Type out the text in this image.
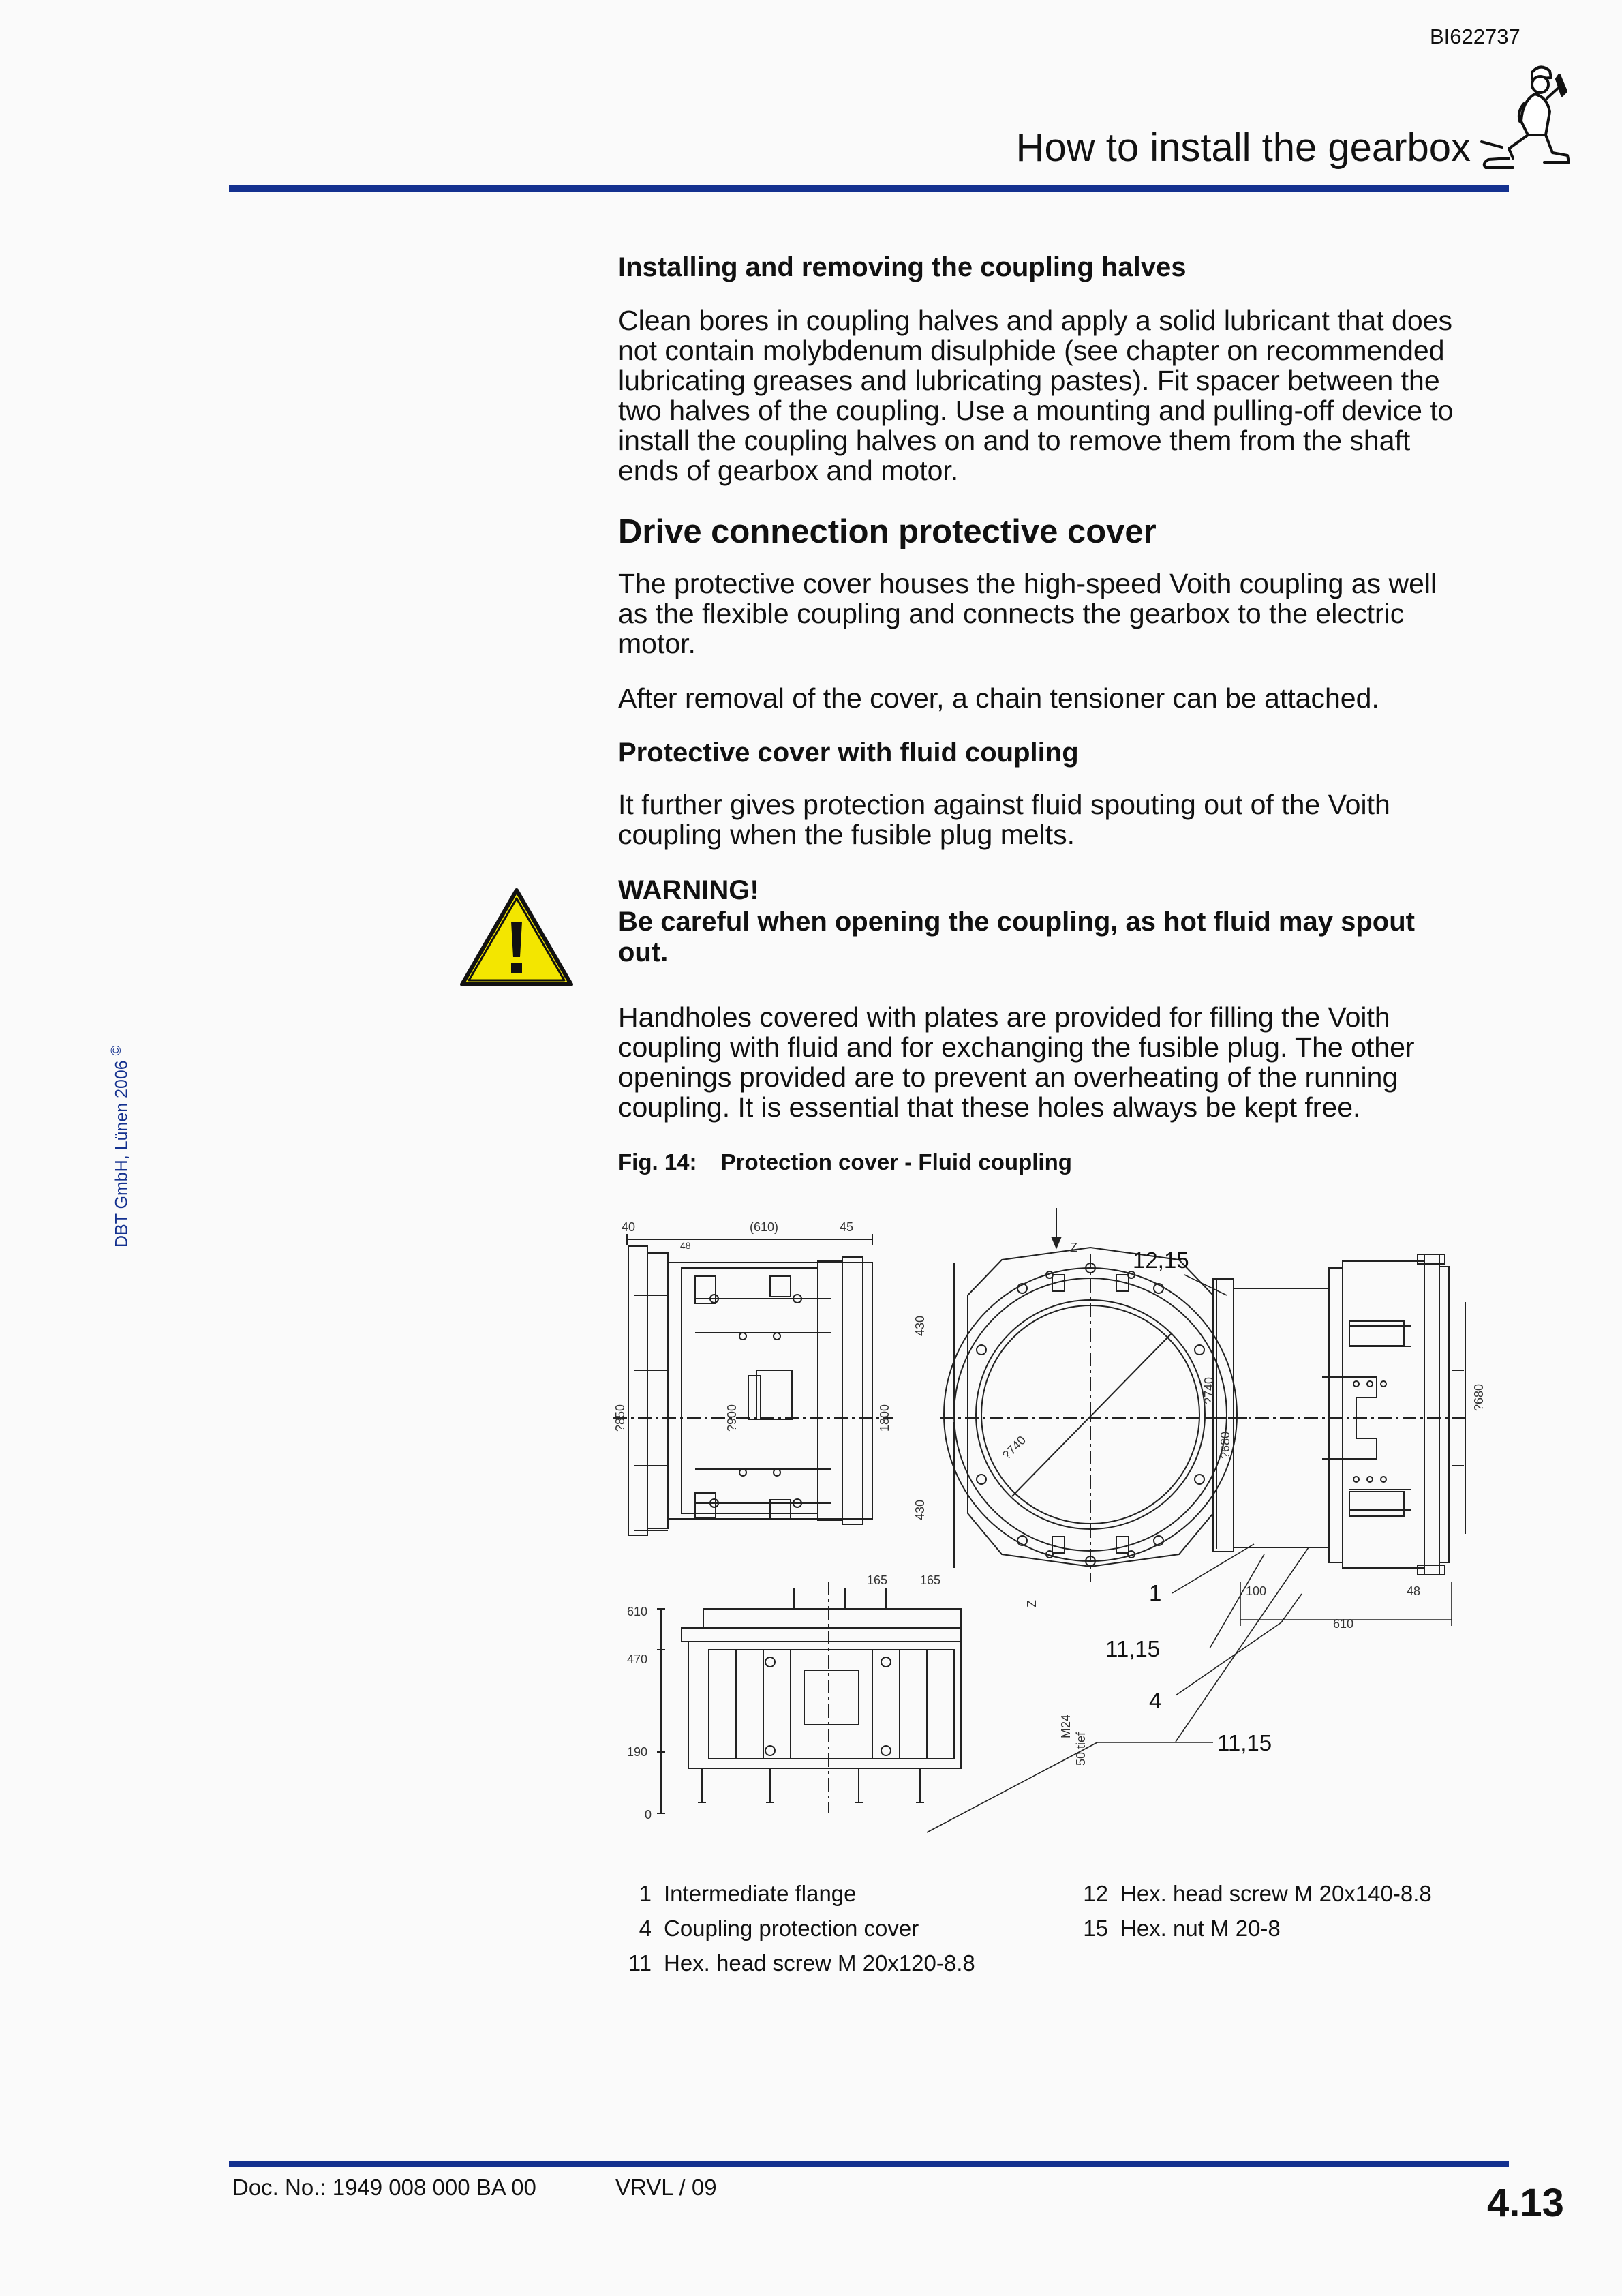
BI622737
How to install the gearbox
DBT GmbH, Lünen 2006 ©
Installing and removing the coupling halves
Clean bores in coupling halves and apply a solid lubricant that does
not contain molybdenum disulphide (see chapter on recommended
lubricating greases and lubricating pastes). Fit spacer between the
two halves of the coupling. Use a mounting and pulling-off device to
install the coupling halves on and to remove them from the shaft
ends of gearbox and motor.
Drive connection protective cover
The protective cover houses the high-speed Voith coupling as well
as the flexible coupling and connects the gearbox to the electric
motor.
After removal of the cover, a chain tensioner can be attached.
Protective cover with fluid coupling
It further gives protection against fluid spouting out of the Voith
coupling when the fusible plug melts.
WARNING!
Be careful when opening the coupling, as hot fluid may spout
out.
Handholes covered with plates are provided for filling the Voith
coupling with fluid and for exchanging the fusible plug. The other
openings provided are to prevent an overheating of the running
coupling. It is essential that these holes always be kept free.
Fig. 14: Protection cover - Fluid coupling
40	(610)	45
48
?850	?900	1800
430
430
?740
?740
?680
?680
Z
Z
100	48
610
610
470
190
0
165	165
M24
50 tief
12,15
1
11,15
4
11,15
1 Intermediate flange
4 Coupling protection cover
11 Hex. head screw M 20x120-8.8
12 Hex. head screw M 20x140-8.8
15 Hex. nut M 20-8
Doc. No.: 1949 008 000 BA 00	VRVL / 09	4.13
